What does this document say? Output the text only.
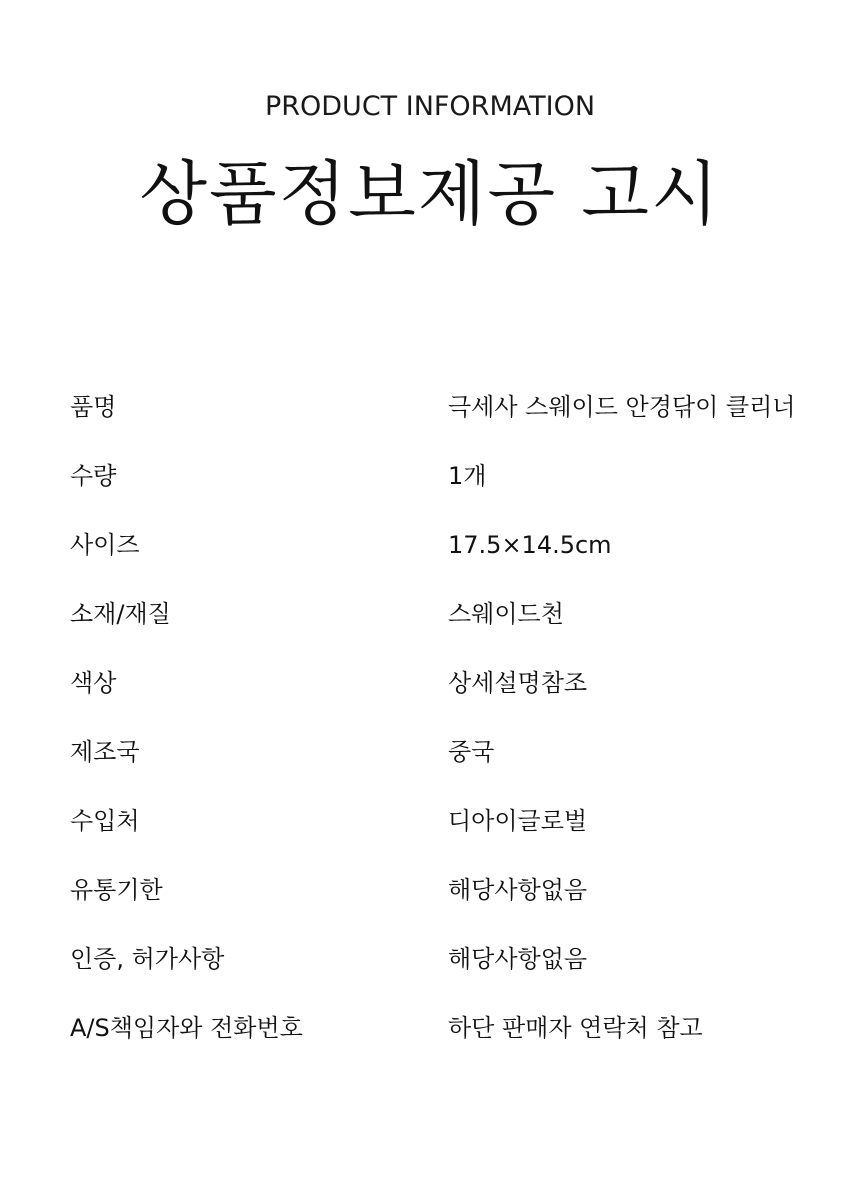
PRODUCT INFORMATION
상품정보제공 고시
품명	극세사 스웨이드 안경닦이 클리너
수량	1개
사이즈	17.5×14.5cm
소재/재질	스웨이드천
색상	상세설명참조
제조국	중국
수입처	디아이글로벌
유통기한	해당사항없음
인증, 허가사항	해당사항없음
A/S책임자와 전화번호	하단 판매자 연락처 참고
